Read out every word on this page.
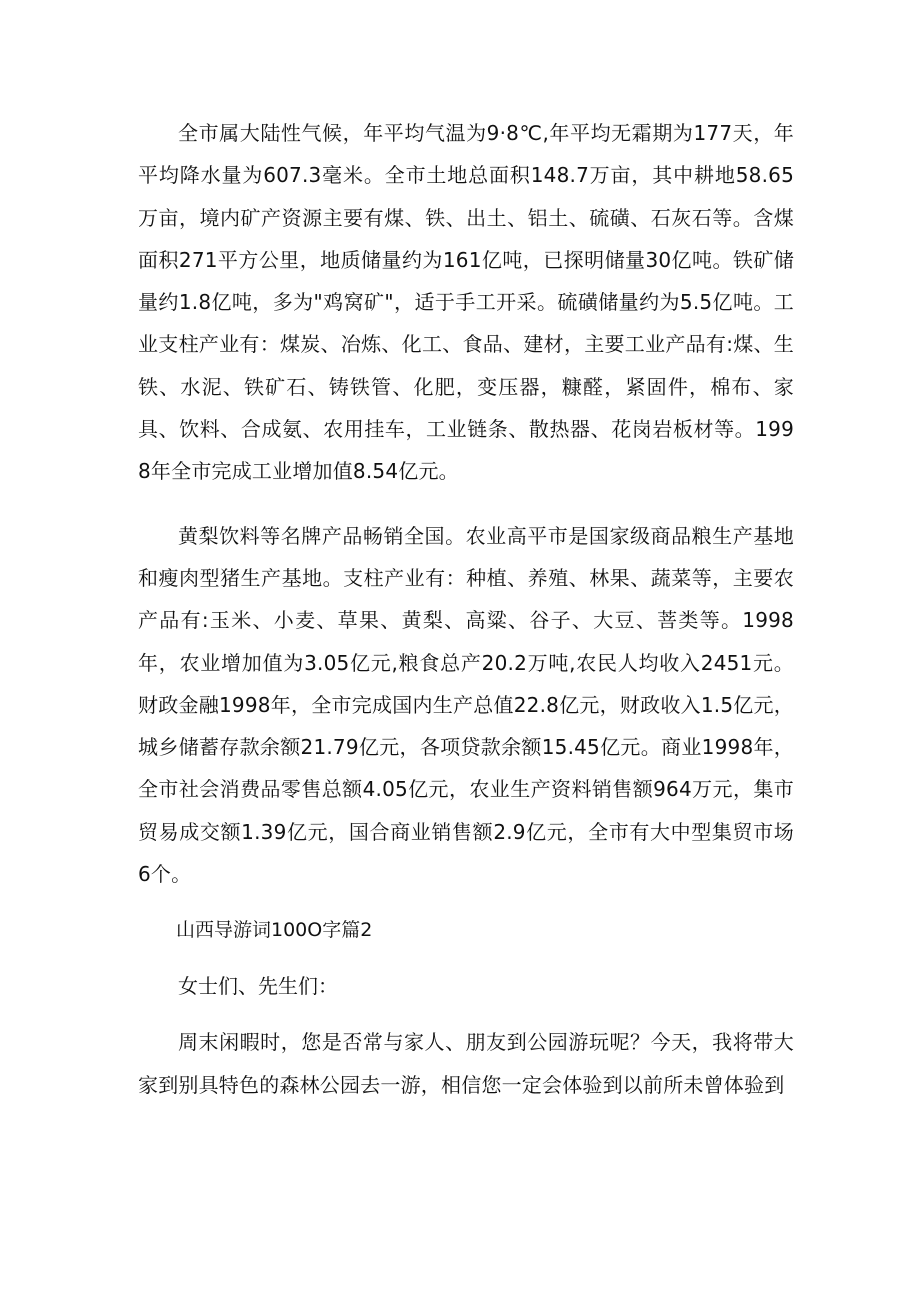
全市属大陆性气候，年平均气温为9·8℃,年平均无霜期为177天，年平均降水量为607.3毫米。全市土地总面积148.7万亩，其中耕地58.65万亩，境内矿产资源主要有煤、铁、出土、铝土、硫磺、石灰石等。含煤面积271平方公里，地质储量约为161亿吨，已探明储量30亿吨。铁矿储量约1.8亿吨，多为"鸡窝矿"，适于手工开采。硫磺储量约为5.5亿吨。工业支柱产业有：煤炭、冶炼、化工、食品、建材，主要工业产品有:煤、生铁、水泥、铁矿石、铸铁管、化肥，变压器，糠醛，紧固件，棉布、家具、饮料、合成氨、农用挂车，工业链条、散热器、花岗岩板材等。1998年全市完成工业增加值8.54亿元。

黄梨饮料等名牌产品畅销全国。农业高平市是国家级商品粮生产基地和瘦肉型猪生产基地。支柱产业有：种植、养殖、林果、蔬菜等，主要农产品有:玉米、小麦、草果、黄梨、高粱、谷子、大豆、菩类等。1998年，农业增加值为3.05亿元,粮食总产20.2万吨,农民人均收入2451元。财政金融1998年，全市完成国内生产总值22.8亿元，财政收入1.5亿元，城乡储蓄存款余额21.79亿元，各项贷款余额15.45亿元。商业1998年，全市社会消费品零售总额4.05亿元，农业生产资料销售额964万元，集市贸易成交额1.39亿元，国合商业销售额2.9亿元，全市有大中型集贸市场6个。

山西导游词100O字篇2

女士们、先生们：

周末闲暇时，您是否常与家人、朋友到公园游玩呢？今天，我将带大家到别具特色的森林公园去一游，相信您一定会体验到以前所未曾体验到
